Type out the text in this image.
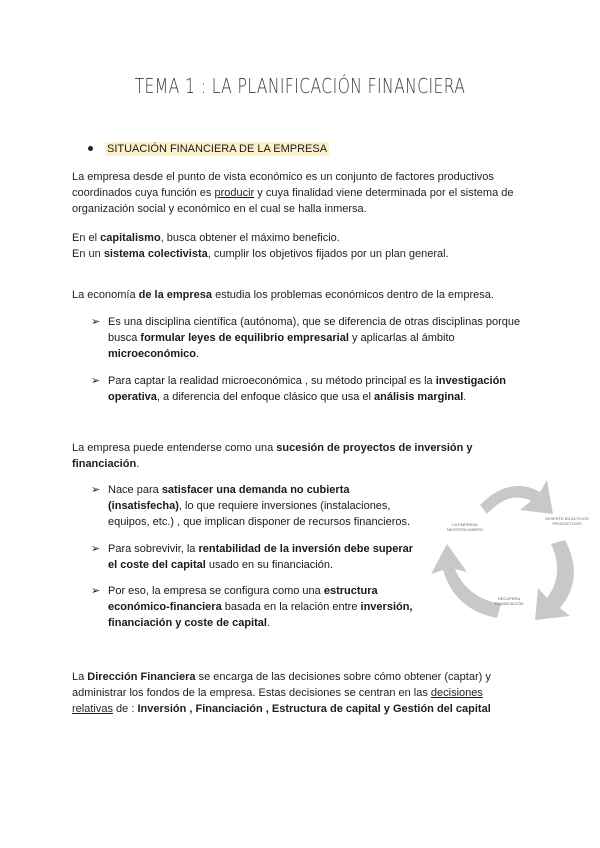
TEMA 1 : LA PLANIFICACIÓN FINANCIERA
SITUACIÓN FINANCIERA DE LA EMPRESA
La empresa desde el punto de vista económico es un conjunto de factores productivos
coordinados cuya función es producir y cuya finalidad viene determinada por el sistema de
organización social y económico en el cual se halla inmersa.
En el capitalismo, busca obtener el máximo beneficio.
En un sistema colectivista, cumplir los objetivos fijados por un plan general.
La economía de la empresa estudia los problemas económicos dentro de la empresa.
➢ Es una disciplina científica (autónoma), que se diferencia de otras disciplinas porque
busca formular leyes de equilibrio empresarial y aplicarlas al ámbito
microeconómico.
➢ Para captar la realidad microeconómica , su método principal es la investigación
operativa, a diferencia del enfoque clásico que usa el análisis marginal.
La empresa puede entenderse como una sucesión de proyectos de inversión y
financiación.
➢ Nace para satisfacer una demanda no cubierta
(insatisfecha), lo que requiere inversiones (instalaciones,
equipos, etc.) , que implican disponer de recursos financieros.
➢ Para sobrevivir, la rentabilidad de la inversión debe superar
el coste del capital usado en su financiación.
➢ Por eso, la empresa se configura como una estructura
económico-financiera basada en la relación entre inversión,
financiación y coste de capital.
LA EMPRESA NECESITA DINERO
INVIERTE EN ACTIVOS PRODUCTIVOS
RECUPERA FINANCIACIÓN
La Dirección Financiera se encarga de las decisiones sobre cómo obtener (captar) y
administrar los fondos de la empresa. Estas decisiones se centran en las decisiones
relativas de : Inversión , Financiación , Estructura de capital y Gestión del capital
